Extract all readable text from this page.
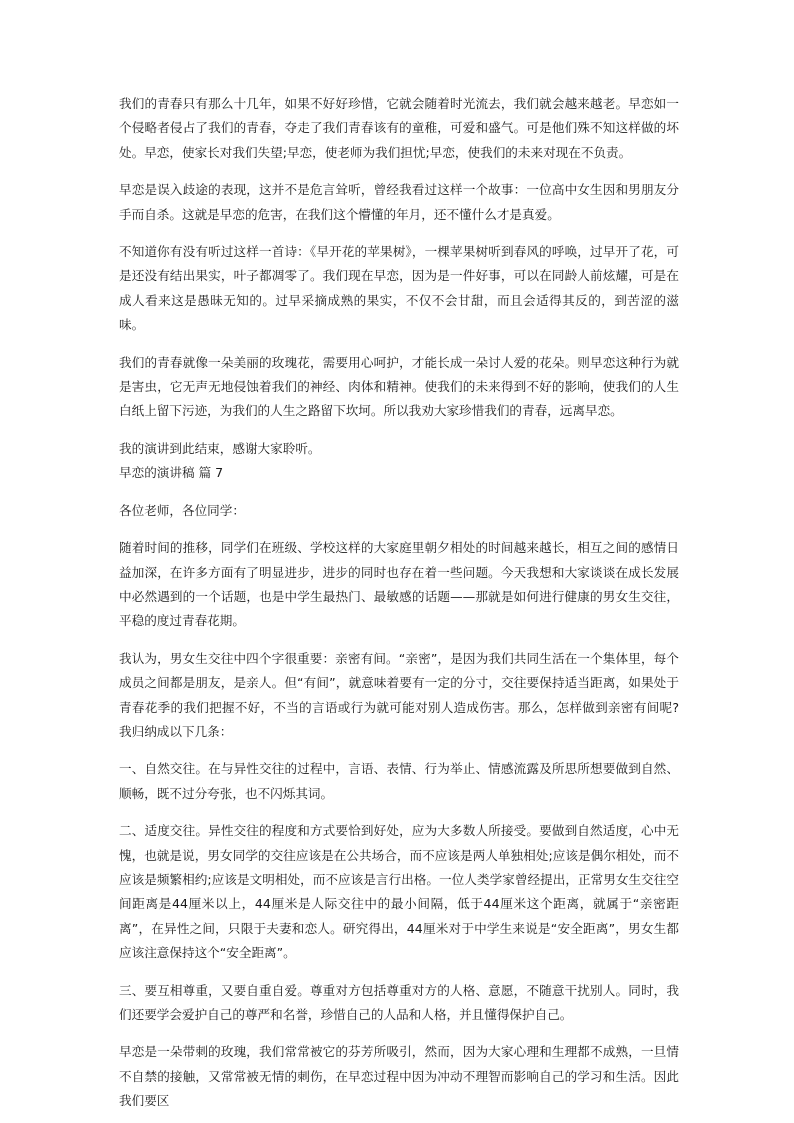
我们的青春只有那么十几年，如果不好好珍惜，它就会随着时光流去，我们就会越来越老。早恋如一个侵略者侵占了我们的青春，夺走了我们青春该有的童稚，可爱和盛气。可是他们殊不知这样做的坏处。早恋，使家长对我们失望;早恋，使老师为我们担忧;早恋，使我们的未来对现在不负责。

早恋是误入歧途的表现，这并不是危言耸听，曾经我看过这样一个故事：一位高中女生因和男朋友分手而自杀。这就是早恋的危害，在我们这个懵懂的年月，还不懂什么才是真爱。

不知道你有没有听过这样一首诗：《早开花的苹果树》，一棵苹果树听到春风的呼唤，过早开了花，可是还没有结出果实，叶子都凋零了。我们现在早恋，因为是一件好事，可以在同龄人前炫耀，可是在成人看来这是愚昧无知的。过早采摘成熟的果实，不仅不会甘甜，而且会适得其反的，到苦涩的滋味。

我们的青春就像一朵美丽的玫瑰花，需要用心呵护，才能长成一朵讨人爱的花朵。则早恋这种行为就是害虫，它无声无地侵蚀着我们的神经、肉体和精神。使我们的未来得到不好的影响，使我们的人生白纸上留下污迹，为我们的人生之路留下坎坷。所以我劝大家珍惜我们的青春，远离早恋。

我的演讲到此结束，感谢大家聆听。

早恋的演讲稿 篇 7

各位老师，各位同学：

随着时间的推移，同学们在班级、学校这样的大家庭里朝夕相处的时间越来越长，相互之间的感情日益加深，在许多方面有了明显进步，进步的同时也存在着一些问题。今天我想和大家谈谈在成长发展中必然遇到的一个话题，也是中学生最热门、最敏感的话题——那就是如何进行健康的男女生交往，平稳的度过青春花期。

我认为，男女生交往中四个字很重要：亲密有间。“亲密”，是因为我们共同生活在一个集体里，每个成员之间都是朋友，是亲人。但“有间”，就意味着要有一定的分寸，交往要保持适当距离，如果处于青春花季的我们把握不好，不当的言语或行为就可能对别人造成伤害。那么，怎样做到亲密有间呢?我归纳成以下几条：

一、自然交往。在与异性交往的过程中，言语、表情、行为举止、情感流露及所思所想要做到自然、顺畅，既不过分夸张，也不闪烁其词。

二、适度交往。异性交往的程度和方式要恰到好处，应为大多数人所接受。要做到自然适度，心中无愧，也就是说，男女同学的交往应该是在公共场合，而不应该是两人单独相处;应该是偶尔相处，而不应该是频繁相约;应该是文明相处，而不应该是言行出格。一位人类学家曾经提出，正常男女生交往空间距离是44厘米以上，44厘米是人际交往中的最小间隔，低于44厘米这个距离，就属于“亲密距离”，在异性之间，只限于夫妻和恋人。研究得出，44厘米对于中学生来说是“安全距离”，男女生都应该注意保持这个“安全距离”。

三、要互相尊重，又要自重自爱。尊重对方包括尊重对方的人格、意愿，不随意干扰别人。同时，我们还要学会爱护自己的尊严和名誉，珍惜自己的人品和人格，并且懂得保护自己。

早恋是一朵带刺的玫瑰，我们常常被它的芬芳所吸引，然而，因为大家心理和生理都不成熟，一旦情不自禁的接触，又常常被无情的刺伤，在早恋过程中因为冲动不理智而影响自己的学习和生活。因此我们要区
